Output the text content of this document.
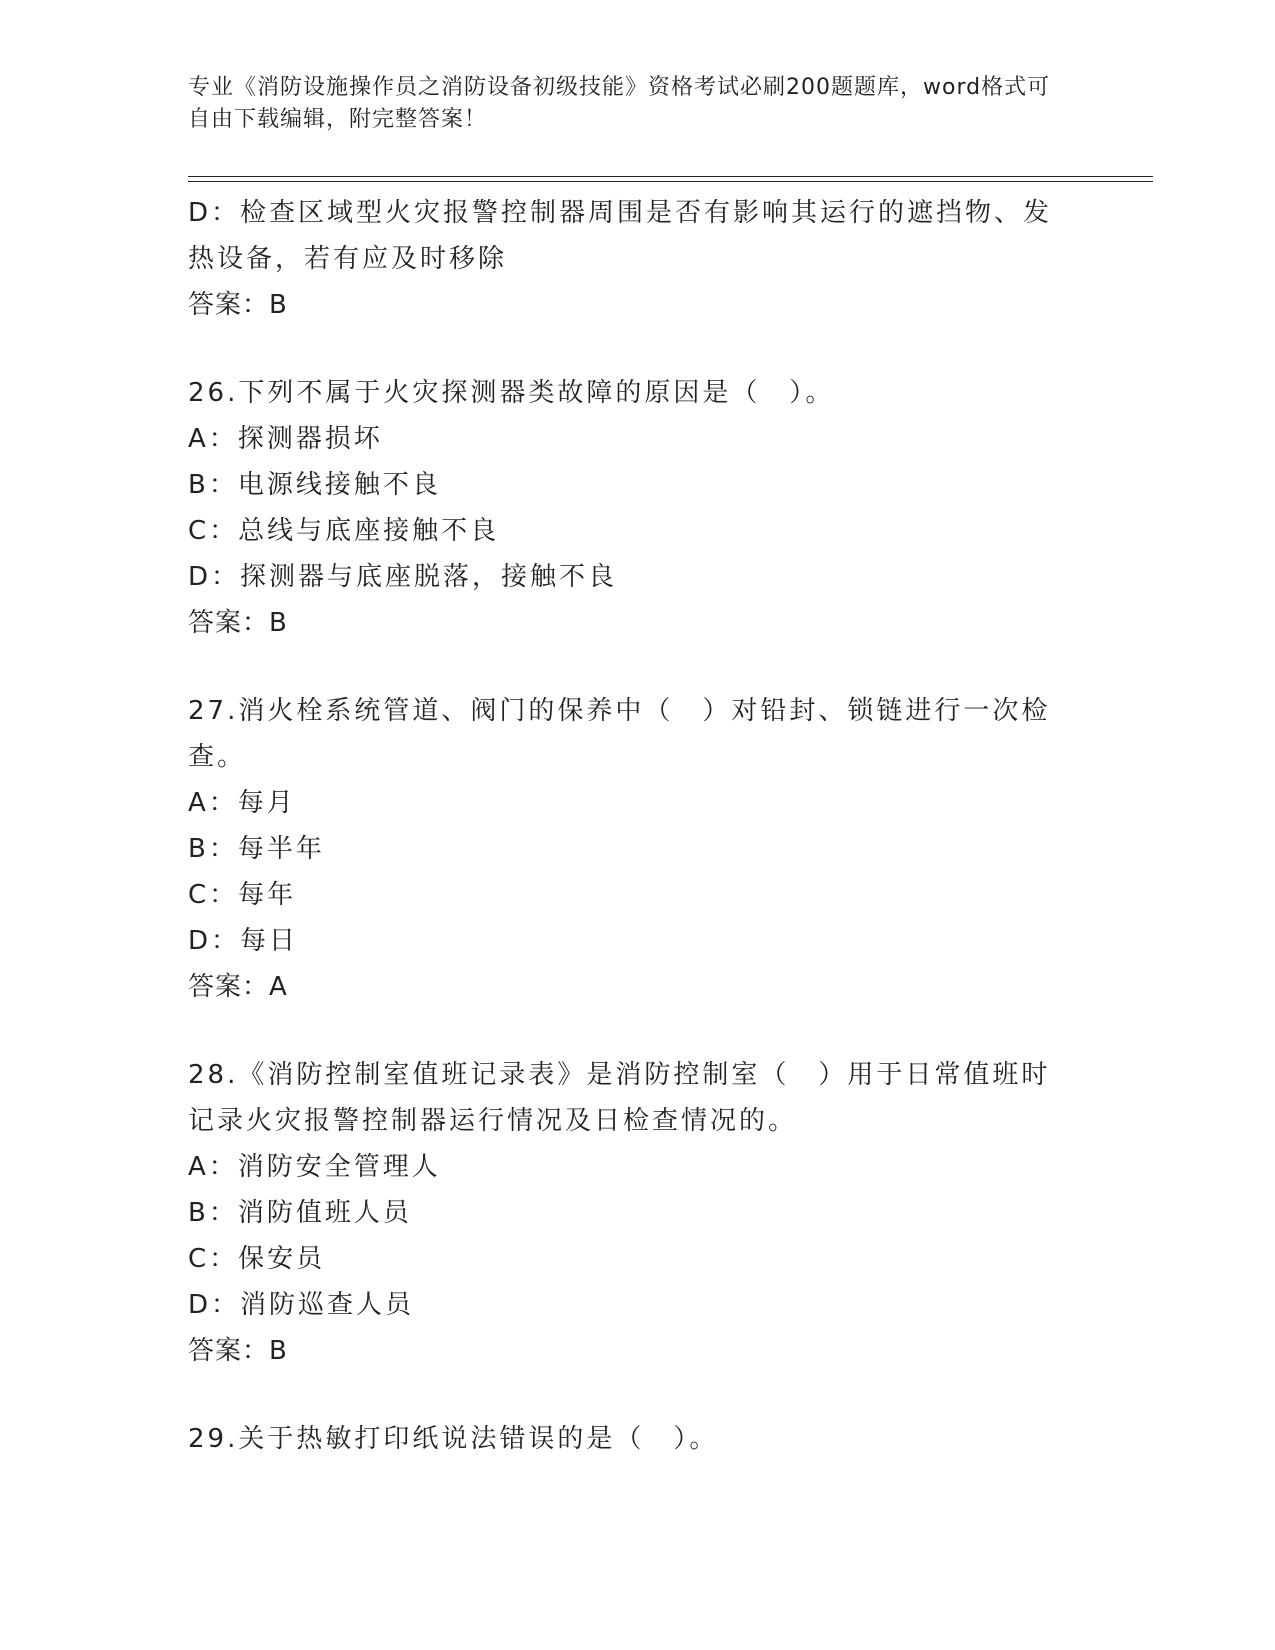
专业《消防设施操作员之消防设备初级技能》资格考试必刷200题题库，word格式可自由下载编辑，附完整答案！
D：检查区域型火灾报警控制器周围是否有影响其运行的遮挡物、发热设备，若有应及时移除
答案：B
26.下列不属于火灾探测器类故障的原因是（　）。
A：探测器损坏
B：电源线接触不良
C：总线与底座接触不良
D：探测器与底座脱落，接触不良
答案：B
27.消火栓系统管道、阀门的保养中（　）对铅封、锁链进行一次检查。
A：每月
B：每半年
C：每年
D：每日
答案：A
28.《消防控制室值班记录表》是消防控制室（　）用于日常值班时记录火灾报警控制器运行情况及日检查情况的。
A：消防安全管理人
B：消防值班人员
C：保安员
D：消防巡查人员
答案：B
29.关于热敏打印纸说法错误的是（　）。
